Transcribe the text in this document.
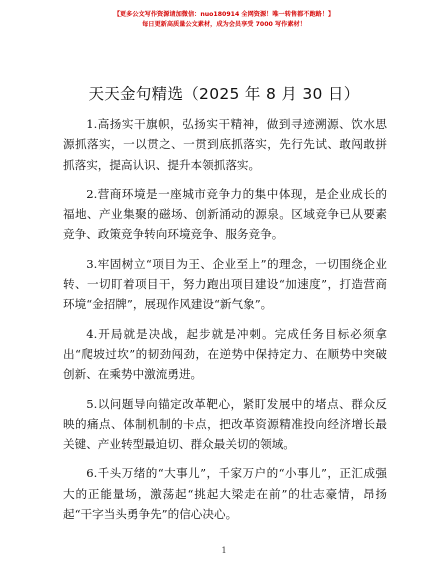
【更多公文写作资源请加微信：nuo180914 全网资源！唯一转售都不跑路！】
每日更新高质量公文素材，成为会员享受 7000 写作素材！
天天金句精选（2025 年 8 月 30 日）

1.高扬实干旗帜，弘扬实干精神，做到寻迹溯源、饮水思源抓落实，一以贯之、一贯到底抓落实，先行先试、敢闯敢拼抓落实，提高认识、提升本领抓落实。

2.营商环境是一座城市竞争力的集中体现，是企业成长的福地、产业集聚的磁场、创新涌动的源泉。区域竞争已从要素竞争、政策竞争转向环境竞争、服务竞争。

3.牢固树立“项目为王、企业至上”的理念，一切围绕企业转、一切盯着项目干，努力跑出项目建设“加速度”，打造营商环境“金招牌”，展现作风建设“新气象”。

4.开局就是决战，起步就是冲刺。完成任务目标必须拿出“爬坡过坎”的韧劲闯劲，在逆势中保持定力、在顺势中突破创新、在乘势中激流勇进。

5.以问题导向锚定改革靶心，紧盯发展中的堵点、群众反映的痛点、体制机制的卡点，把改革资源精准投向经济增长最关键、产业转型最迫切、群众最关切的领域。

6.千头万绪的“大事儿”，千家万户的“小事儿”，正汇成强大的正能量场，激荡起“挑起大梁走在前”的壮志豪情，昂扬起“干字当头勇争先”的信心决心。

1
